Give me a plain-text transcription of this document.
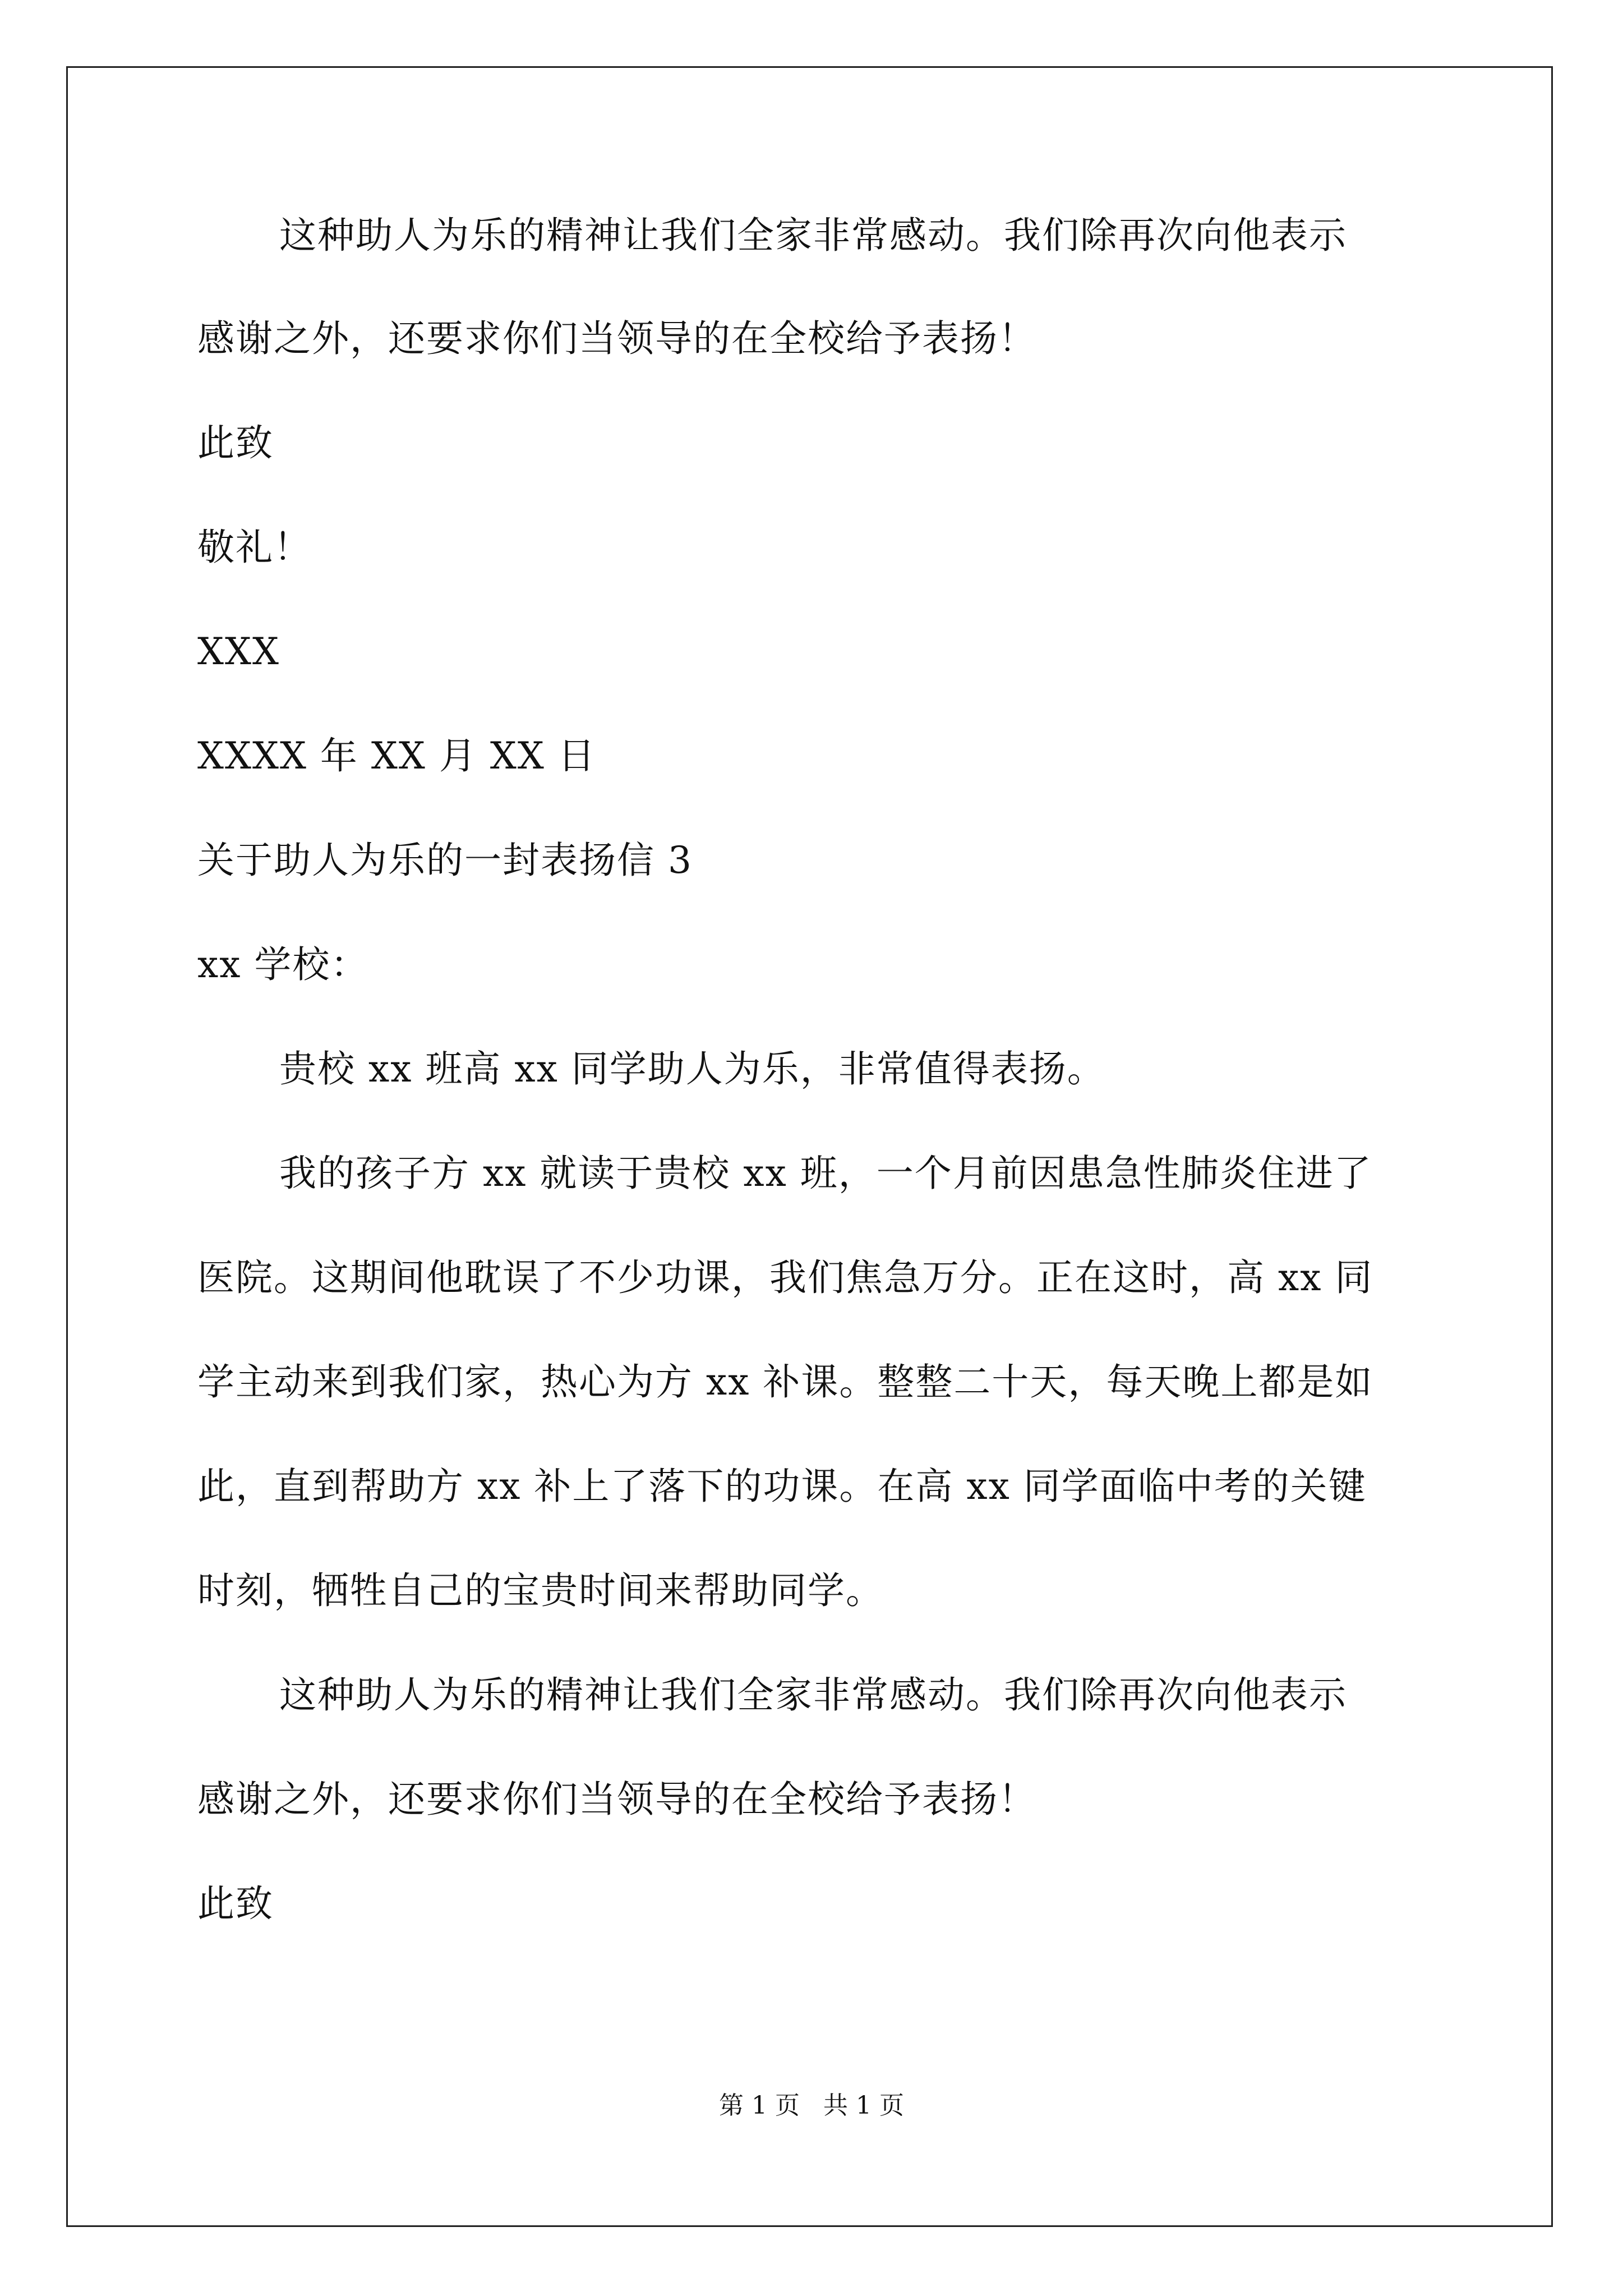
这种助人为乐的精神让我们全家非常感动。我们除再次向他表示
感谢之外，还要求你们当领导的在全校给予表扬！
此致
敬礼！
XXX
XXXX 年 XX 月 XX 日
关于助人为乐的一封表扬信 3
xx 学校：
贵校 xx 班高 xx 同学助人为乐，非常值得表扬。
我的孩子方 xx 就读于贵校 xx 班，一个月前因患急性肺炎住进了
医院。这期间他耽误了不少功课，我们焦急万分。正在这时，高 xx 同
学主动来到我们家，热心为方 xx 补课。整整二十天，每天晚上都是如
此，直到帮助方 xx 补上了落下的功课。在高 xx 同学面临中考的关键
时刻，牺牲自己的宝贵时间来帮助同学。
这种助人为乐的精神让我们全家非常感动。我们除再次向他表示
感谢之外，还要求你们当领导的在全校给予表扬！
此致
第 1 页   共 1 页
